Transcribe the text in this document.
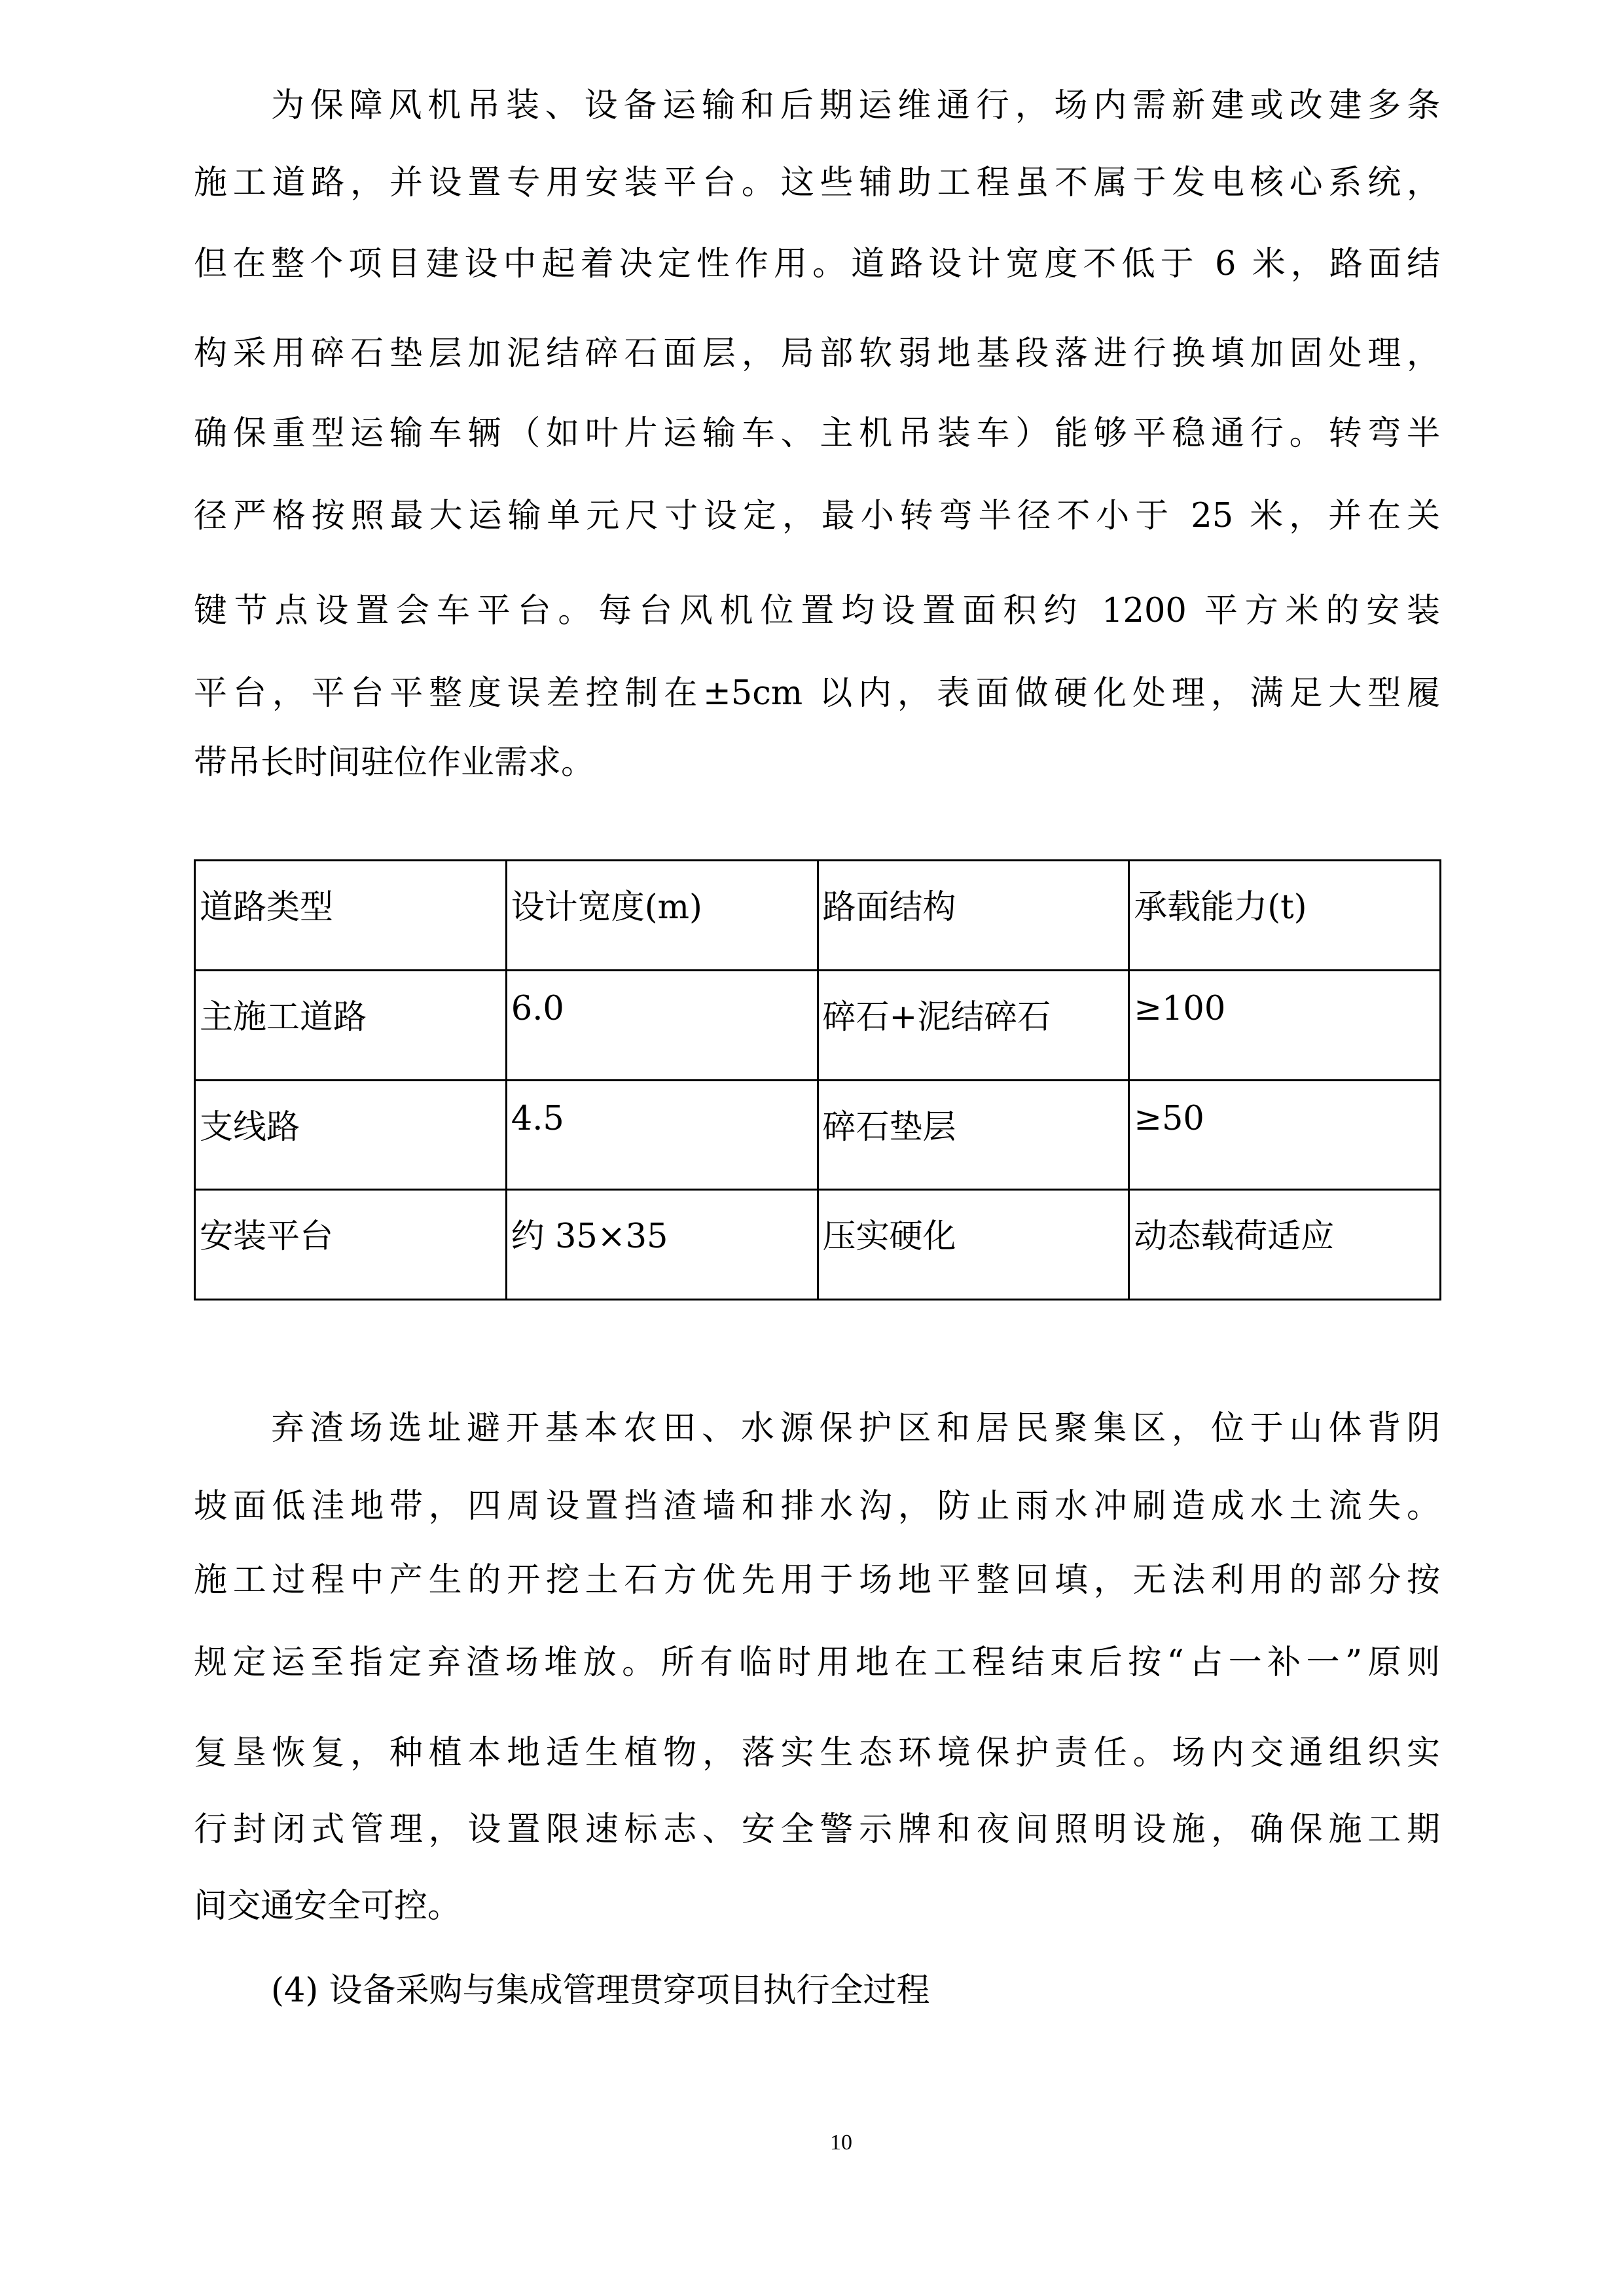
为保障风机吊装、设备运输和后期运维通行，场内需新建或改建多条
施工道路，并设置专用安装平台。这些辅助工程虽不属于发电核心系统，
但在整个项目建设中起着决定性作用。道路设计宽度不低于 6 米，路面结
构采用碎石垫层加泥结碎石面层，局部软弱地基段落进行换填加固处理，
确保重型运输车辆（如叶片运输车、主机吊装车）能够平稳通行。转弯半
径严格按照最大运输单元尺寸设定，最小转弯半径不小于 25 米，并在关
键节点设置会车平台。每台风机位置均设置面积约 1200 平方米的安装
平台，平台平整度误差控制在±5cm 以内，表面做硬化处理，满足大型履
带吊长时间驻位作业需求。
道路类型	设计宽度(m)	路面结构	承载能力(t)
主施工道路	6.0	碎石+泥结碎石	≥100
支线路	4.5	碎石垫层	≥50
安装平台	约 35×35	压实硬化	动态载荷适应
弃渣场选址避开基本农田、水源保护区和居民聚集区，位于山体背阴
坡面低洼地带，四周设置挡渣墙和排水沟，防止雨水冲刷造成水土流失。
施工过程中产生的开挖土石方优先用于场地平整回填，无法利用的部分按
规定运至指定弃渣场堆放。所有临时用地在工程结束后按“占一补一”原则
复垦恢复，种植本地适生植物，落实生态环境保护责任。场内交通组织实
行封闭式管理，设置限速标志、安全警示牌和夜间照明设施，确保施工期
间交通安全可控。
(4) 设备采购与集成管理贯穿项目执行全过程
10
